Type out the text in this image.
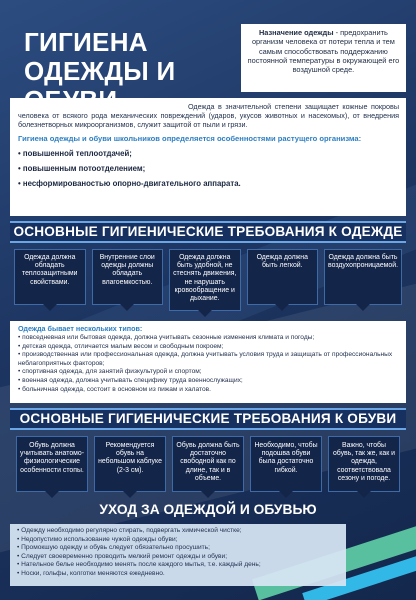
ГИГИЕНА ОДЕЖДЫ И ОБУВИ
Назначение одежды - предохранить организм человека от потери тепла и тем самым способствовать поддержанию постоянной температуры в окружающей его воздушной среде.
Одежда в значительной степени защищает кожные покровы человека от всякого рода механических повреждений (ударов, укусов животных и насекомых), от внедрения болезнетворных микроорганизмов, служит защитой от пыли и грязи.
Гигиена одежды и обуви школьников определяется особенностями растущего организма:
• повышенной теплоотдачей;
• повышенным потоотделением;
• несформированостью опорно-двигательного аппарата.
ОСНОВНЫЕ ГИГИЕНИЧЕСКИЕ ТРЕБОВАНИЯ К ОДЕЖДЕ
Одежда должна обладать теплозащитными свойствами.
Внутренние слои одежды должны обладать влагоемкостью.
Одежда должна быть удобной, не стеснять движения, не нарушать кровообращение и дыхание.
Одежда должна быть легкой.
Одежда должна быть воздухопроницаемой.
Одежда бывает нескольких типов:
• повседневная или бытовая одежда, должна учитывать сезонные изменения климата и погоды;
• детская одежда, отличается малым весом и свободным покроем;
• производственная или профессиональная одежда, должна учитывать условия труда и защищать от профессиональных неблагоприятных факторов;
• спортивная одежда, для занятий физкультурой и спортом;
• военная одежда, должна учитывать специфику труда военнослужащих;
• больничная одежда, состоит в основном из пижам и халатов.
ОСНОВНЫЕ ГИГИЕНИЧЕСКИЕ ТРЕБОВАНИЯ К ОБУВИ
Обувь должна учитывать анатомо-физиологические особенности стопы.
Рекомендуется обувь на небольшом каблуке (2-3 см).
Обувь должна быть достаточно свободной как по длине, так и в объеме.
Необходимо, чтобы подошва обуви была достаточно гибкой.
Важно, чтобы обувь, так же, как и одежда, соответствовала сезону и погоде.
УХОД ЗА ОДЕЖДОЙ И ОБУВЬЮ
• Одежду необходимо регулярно стирать, подвергать химической чистке;
• Недопустимо использование чужой одежды обуви;
• Промокшую одежду и обувь следует обязательно просушить;
• Следует своевременно проводить мелкий ремонт одежды и обуви;
• Нательное белье необходимо менять после каждого мытья, т.е. каждый день;
• Носки, гольфы, колготки меняются ежедневно.
